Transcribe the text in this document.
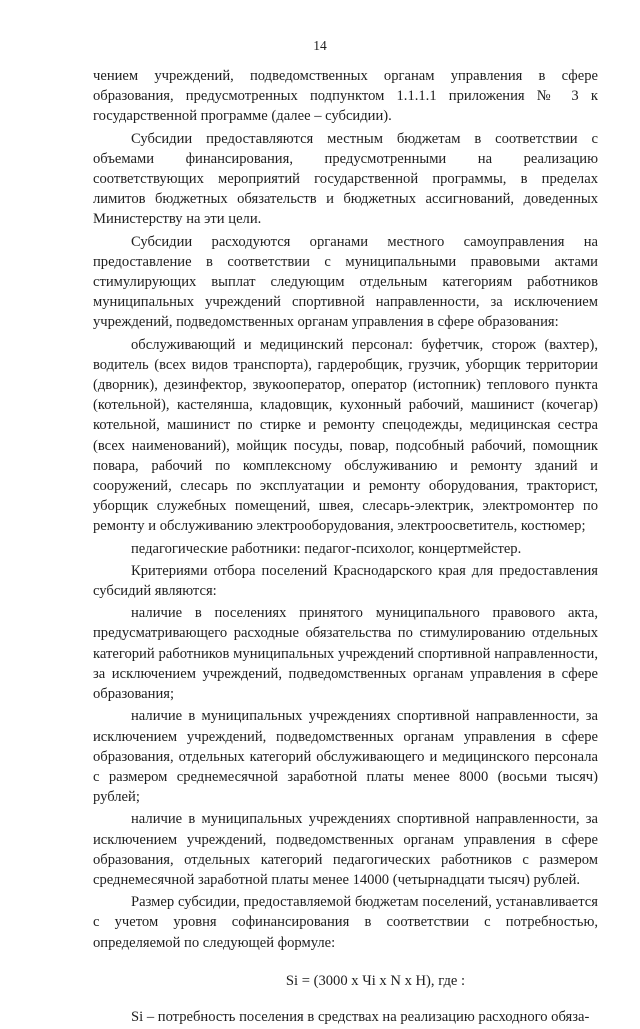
14

чением учреждений, подведомственных органам управления в сфере образования, предусмотренных подпунктом 1.1.1.1 приложения № 3 к государственной программе (далее – субсидии).

Субсидии предоставляются местным бюджетам в соответствии с объемами финансирования, предусмотренными на реализацию соответствующих мероприятий государственной программы, в пределах лимитов бюджетных обязательств и бюджетных ассигнований, доведенных Министерству на эти цели.

Субсидии расходуются органами местного самоуправления на предоставление в соответствии с муниципальными правовыми актами стимулирующих выплат следующим отдельным категориям работников муниципальных учреждений спортивной направленности, за исключением учреждений, подведомственных органам управления в сфере образования:

обслуживающий и медицинский персонал: буфетчик, сторож (вахтер), водитель (всех видов транспорта), гардеробщик, грузчик, уборщик территории (дворник), дезинфектор, звукооператор, оператор (истопник) теплового пункта (котельной), кастелянша, кладовщик, кухонный рабочий, машинист (кочегар) котельной, машинист по стирке и ремонту спецодежды, медицинская сестра (всех наименований), мойщик посуды, повар, подсобный рабочий, помощник повара, рабочий по комплексному обслуживанию и ремонту зданий и сооружений, слесарь по эксплуатации и ремонту оборудования, тракторист, уборщик служебных помещений, швея, слесарь-электрик, электромонтер по ремонту и обслуживанию электрооборудования, электроосветитель, костюмер;

педагогические работники: педагог-психолог, концертмейстер.

Критериями отбора поселений Краснодарского края для предоставления субсидий являются:

наличие в поселениях принятого муниципального правового акта, предусматривающего расходные обязательства по стимулированию отдельных категорий работников муниципальных учреждений спортивной направленности, за исключением учреждений, подведомственных органам управления в сфере образования;

наличие в муниципальных учреждениях спортивной направленности, за исключением учреждений, подведомственных органам управления в сфере образования, отдельных категорий обслуживающего и медицинского персонала с размером среднемесячной заработной платы менее 8000 (восьми тысяч) рублей;

наличие в муниципальных учреждениях спортивной направленности, за исключением учреждений, подведомственных органам управления в сфере образования, отдельных категорий педагогических работников с размером среднемесячной заработной платы менее 14000 (четырнадцати тысяч) рублей.

Размер субсидии, предоставляемой бюджетам поселений, устанавливается с учетом уровня софинансирования в соответствии с потребностью, определяемой по следующей формуле:

Si = (3000 x Чi x N x Н), где :

Si – потребность поселения в средствах на реализацию расходного обяза-
